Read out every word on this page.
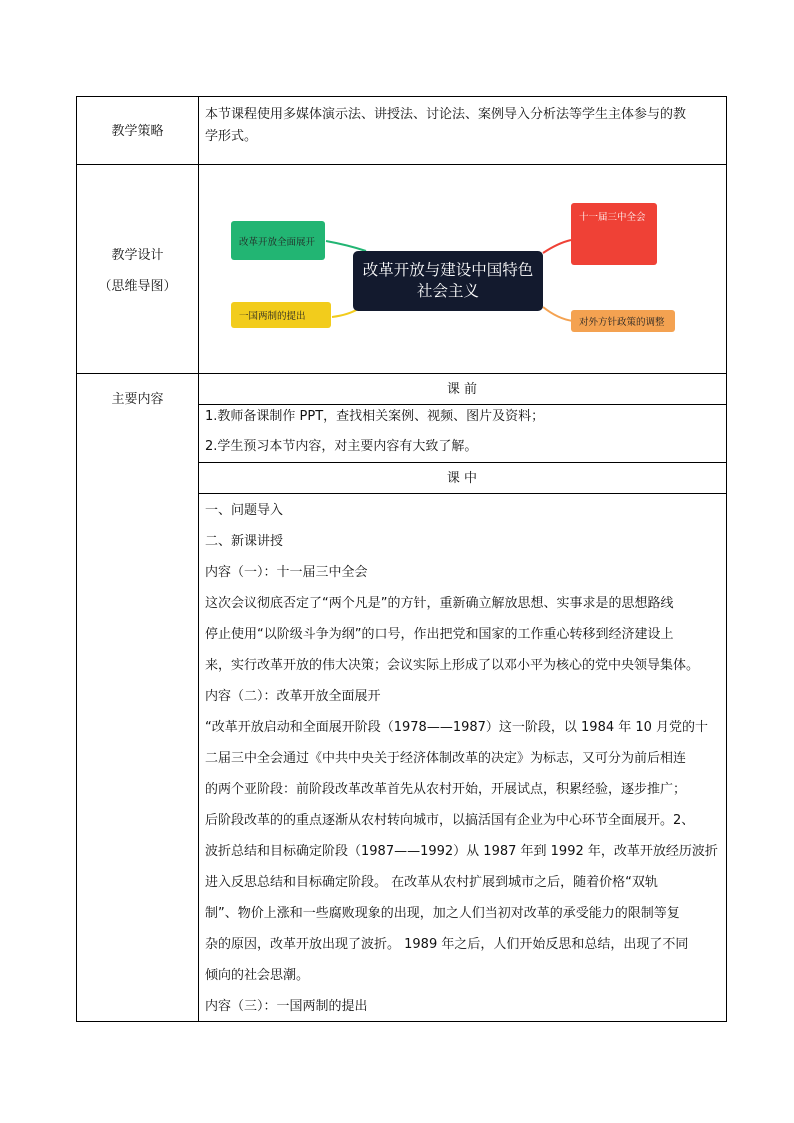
教学策略
本节课程使用多媒体演示法、讲授法、讨论法、案例导入分析法等学生主体参与的教
学形式。
教学设计
（思维导图）
改革开放全面展开
一国两制的提出
十一届三中全会
对外方针政策的调整
改革开放与建设中国特色社会主义
主要内容
课 前
1.教师备课制作 PPT，查找相关案例、视频、图片及资料；
2.学生预习本节内容，对主要内容有大致了解。
课 中
一、问题导入
二、新课讲授
内容（一）：十一届三中全会
这次会议彻底否定了“两个凡是”的方针，重新确立解放思想、实事求是的思想路线
停止使用“以阶级斗争为纲”的口号，作出把党和国家的工作重心转移到经济建设上
来，实行改革开放的伟大决策；会议实际上形成了以邓小平为核心的党中央领导集体。
内容（二）：改革开放全面展开
“改革开放启动和全面展开阶段（1978——1987）这一阶段，以 1984 年 10 月党的十
二届三中全会通过《中共中央关于经济体制改革的决定》为标志，又可分为前后相连
的两个亚阶段：前阶段改革改革首先从农村开始，开展试点，积累经验，逐步推广；
后阶段改革的的重点逐渐从农村转向城市，以搞活国有企业为中心环节全面展开。2、
波折总结和目标确定阶段（1987——1992）从 1987 年到 1992 年，改革开放经历波折
进入反思总结和目标确定阶段。 在改革从农村扩展到城市之后，随着价格“双轨
制”、物价上涨和一些腐败现象的出现，加之人们当初对改革的承受能力的限制等复
杂的原因，改革开放出现了波折。 1989 年之后，人们开始反思和总结，出现了不同
倾向的社会思潮。
内容（三）：一国两制的提出
